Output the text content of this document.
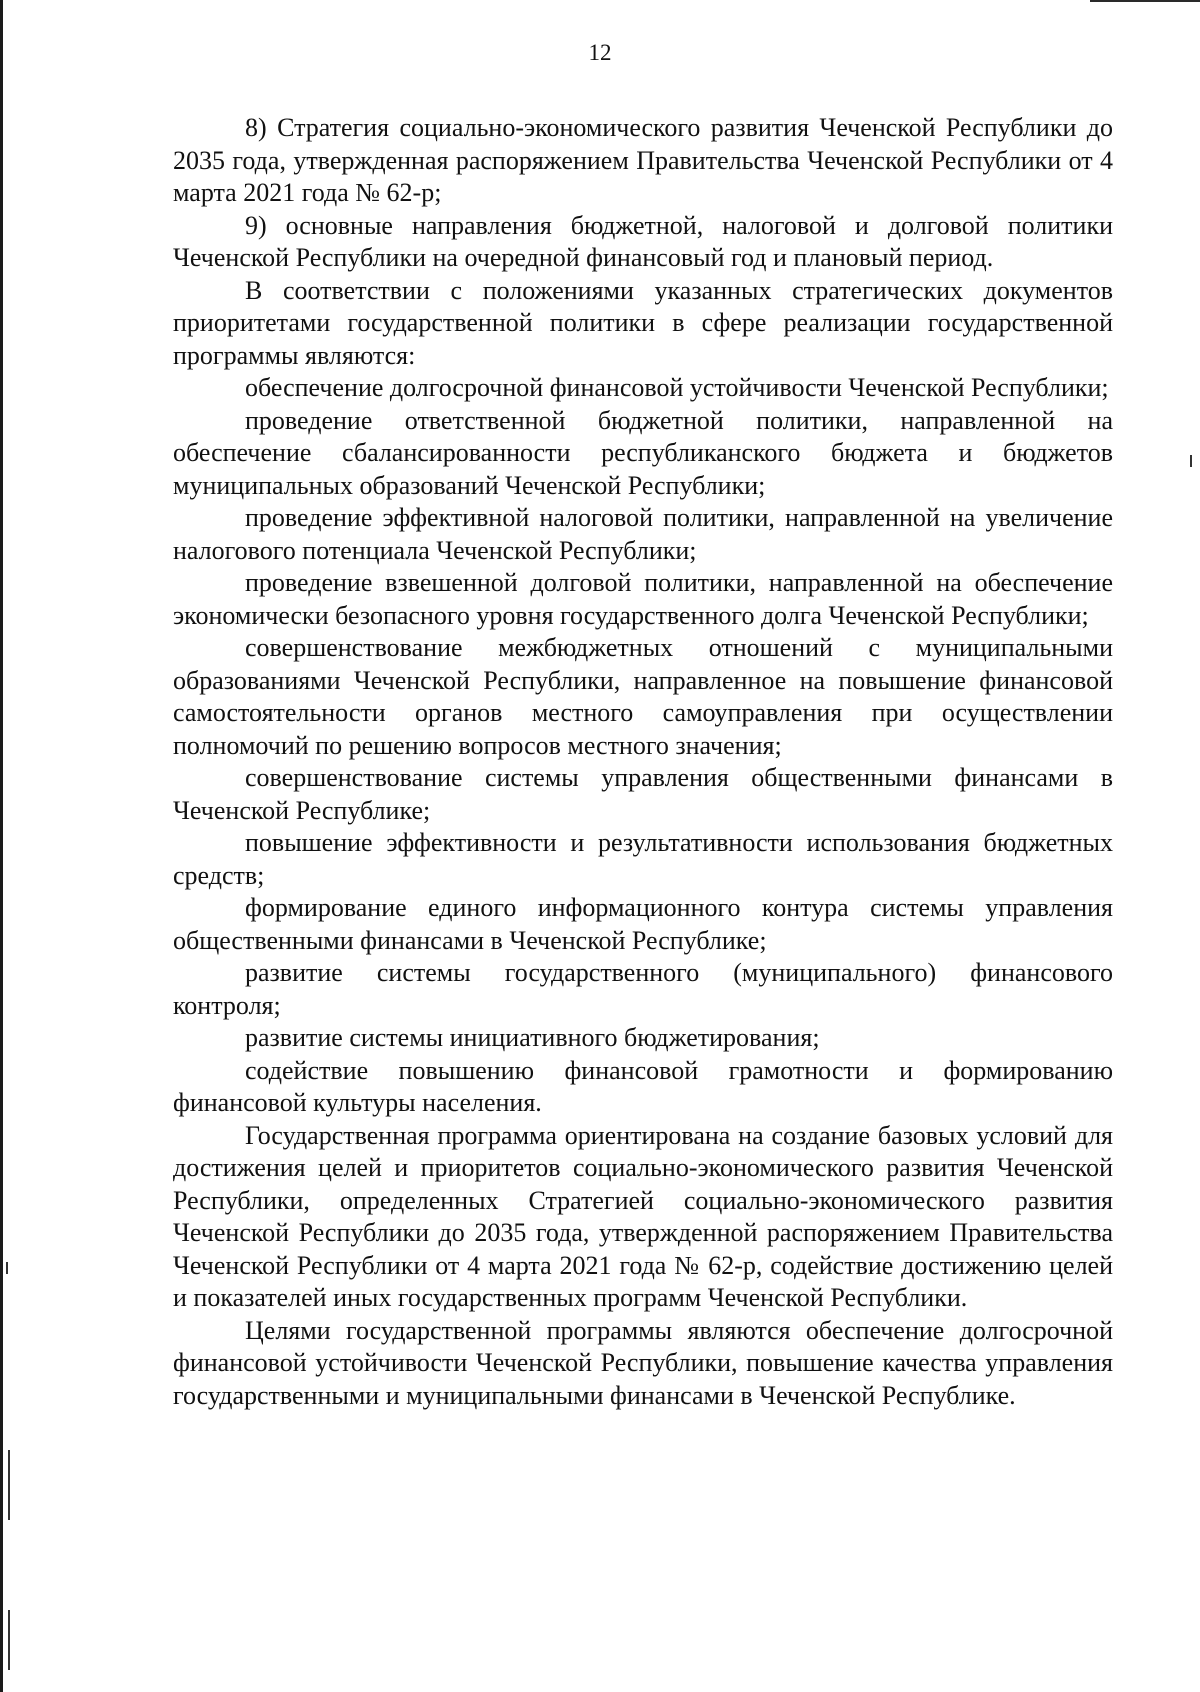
12

8) Стратегия социально-экономического развития Чеченской Республики до 2035 года, утвержденная распоряжением Правительства Чеченской Республики от 4 марта 2021 года № 62-р;

9) основные направления бюджетной, налоговой и долговой политики Чеченской Республики на очередной финансовый год и плановый период.

В соответствии с положениями указанных стратегических документов приоритетами государственной политики в сфере реализации государственной программы являются:

обеспечение долгосрочной финансовой устойчивости Чеченской Республики;

проведение ответственной бюджетной политики, направленной на обеспечение сбалансированности республиканского бюджета и бюджетов муниципальных образований Чеченской Республики;

проведение эффективной налоговой политики, направленной на увеличение налогового потенциала Чеченской Республики;

проведение взвешенной долговой политики, направленной на обеспечение экономически безопасного уровня государственного долга Чеченской Республики;

совершенствование межбюджетных отношений с муниципальными образованиями Чеченской Республики, направленное на повышение финансовой самостоятельности органов местного самоуправления при осуществлении полномочий по решению вопросов местного значения;

совершенствование системы управления общественными финансами в Чеченской Республике;

повышение эффективности и результативности использования бюджетных средств;

формирование единого информационного контура системы управления общественными финансами в Чеченской Республике;

развитие системы государственного (муниципального) финансового контроля;

развитие системы инициативного бюджетирования;

содействие повышению финансовой грамотности и формированию финансовой культуры населения.

Государственная программа ориентирована на создание базовых условий для достижения целей и приоритетов социально-экономического развития Чеченской Республики, определенных Стратегией социально-экономического развития Чеченской Республики до 2035 года, утвержденной распоряжением Правительства Чеченской Республики от 4 марта 2021 года № 62-р, содействие достижению целей и показателей иных государственных программ Чеченской Республики.

Целями государственной программы являются обеспечение долгосрочной финансовой устойчивости Чеченской Республики, повышение качества управления государственными и муниципальными финансами в Чеченской Республике.
